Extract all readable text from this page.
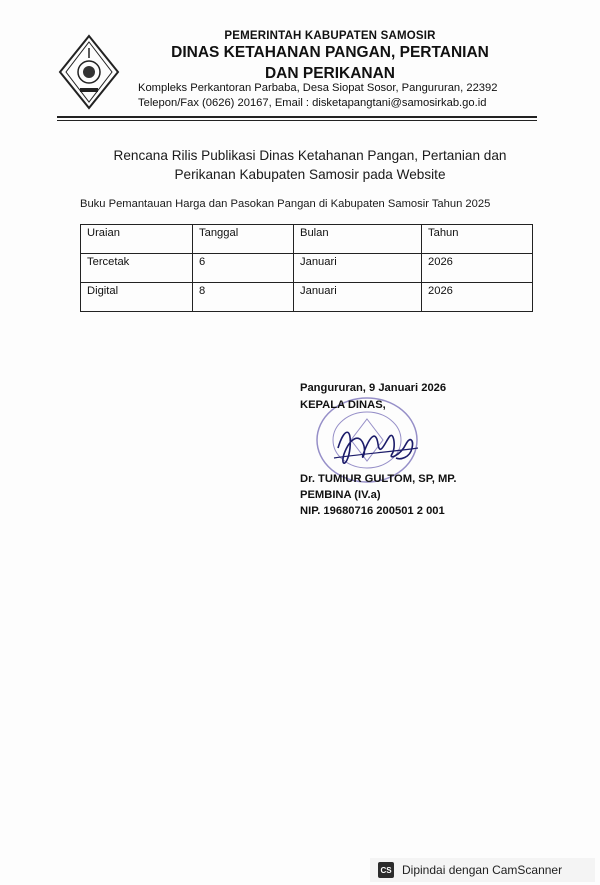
PEMERINTAH KABUPATEN SAMOSIR
DINAS KETAHANAN PANGAN, PERTANIAN
DAN PERIKANAN
Kompleks Perkantoran Parbaba, Desa Siopat Sosor, Pangururan, 22392
Telepon/Fax (0626) 20167, Email : disketapangtani@samosirkab.go.id
Rencana Rilis Publikasi Dinas Ketahanan Pangan, Pertanian dan
Perikanan Kabupaten Samosir pada Website
Buku Pemantauan Harga dan Pasokan Pangan di Kabupaten Samosir Tahun 2025
Uraian	Tanggal	Bulan	Tahun
Tercetak	6	Januari	2026
Digital	8	Januari	2026
Pangururan, 9 Januari 2026
KEPALA DINAS,
Dr. TUMIUR GULTOM, SP, MP.
PEMBINA (IV.a)
NIP. 19680716 200501 2 001
CS Dipindai dengan CamScanner
